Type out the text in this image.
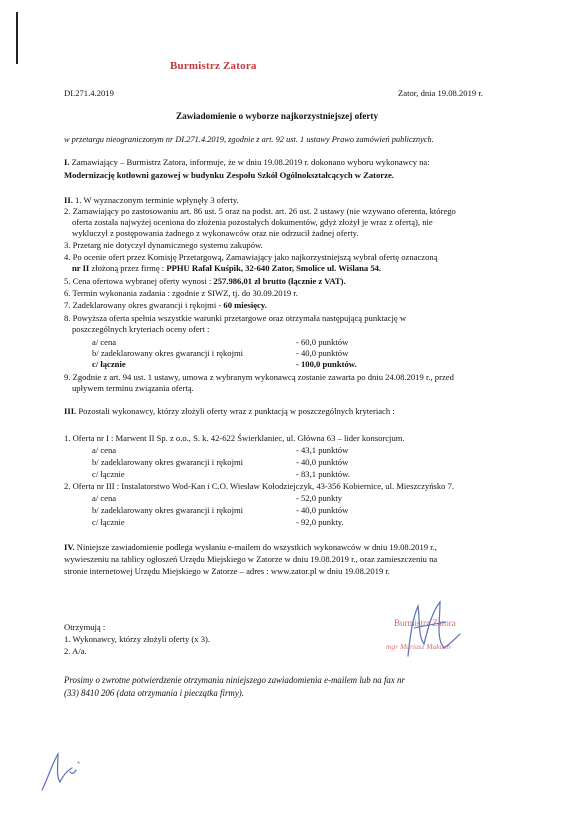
Burmistrz Zatora
DI.271.4.2019	Zator, dnia 19.08.2019 r.
Zawiadomienie o wyborze najkorzystniejszej oferty
w przetargu nieograniczonym nr DI.271.4.2019, zgodnie z art. 92 ust. 1 ustawy Prawo zamówień publicznych.
I. Zamawiający – Burmistrz Zatora, informuje, że w dniu 19.08.2019 r. dokonano wyboru wykonawcy na:
Modernizację kotłowni gazowej w budynku Zespołu Szkół Ogólnokształcących w Zatorze.
II. 1. W wyznaczonym terminie wpłynęły 3 oferty.
2. Zamawiający po zastosowaniu art. 86 ust. 5 oraz na podst. art. 26 ust. 2 ustawy (nie wzywano oferenta, którego
oferta została najwyżej oceniona do złożenia pozostałych dokumentów, gdyż złożył je wraz z ofertą), nie
wykluczył z postępowania żadnego z wykonawców oraz nie odrzucił żadnej oferty.
3. Przetarg nie dotyczył dynamicznego systemu zakupów.
4. Po ocenie ofert przez Komisję Przetargową, Zamawiający jako najkorzystniejszą wybrał ofertę oznaczoną
nr II złożoną przez firmę : PPHU Rafał Kuśpik, 32-640 Zator, Smolice ul. Wiślana 54.
5. Cena ofertowa wybranej oferty wynosi : 257.986,01 zł brutto (łącznie z VAT).
6. Termin wykonania zadania : zgodnie z SIWZ, tj. do 30.09.2019 r.
7. Zadeklarowany okres gwarancji i rękojmi - 60 miesięcy.
8. Powyższa oferta spełnia wszystkie warunki przetargowe oraz otrzymała następującą punktację w
poszczególnych kryteriach oceny ofert :
a/ cena	- 60,0 punktów
b/ zadeklarowany okres gwarancji i rękojmi	- 40,0 punktów
c/ łącznie	- 100,0 punktów.
9. Zgodnie z art. 94 ust. 1 ustawy, umowa z wybranym wykonawcą zostanie zawarta po dniu 24.08.2019 r., przed
upływem terminu związania ofertą.
III. Pozostali wykonawcy, którzy złożyli oferty wraz z punktacją w poszczególnych kryteriach :
1. Oferta nr I : Marwent II Sp. z o.o., S. k. 42-622 Świerklaniec, ul. Główna 63 – lider konsorcjum.
a/ cena	- 43,1 punktów
b/ zadeklarowany okres gwarancji i rękojmi	- 40,0 punktów
c/ łącznie	- 83,1 punktów.
2. Oferta nr III : Instalatorstwo Wod-Kan i C.O. Wiesław Kołodziejczyk, 43-356 Kobiernice, ul. Mieszczyńsko 7.
a/ cena	- 52,0 punkty
b/ zadeklarowany okres gwarancji i rękojmi	- 40,0 punktów
c/ łącznie	- 92,0 punkty.
IV. Niniejsze zawiadomienie podlega wysłaniu e-mailem do wszystkich wykonawców w dniu 19.08.2019 r.,
wywieszeniu na tablicy ogłoszeń Urzędu Miejskiego w Zatorze w dniu 19.08.2019 r., oraz zamieszczeniu na
stronie internetowej Urzędu Miejskiego w Zatorze – adres : www.zator.pl w dniu 19.08.2019 r.
Burmistrz Zatora
mgr Mariusz Makuch
Otrzymują :
1. Wykonawcy, którzy złożyli oferty (x 3).
2. A/a.
Prosimy o zwrotne potwierdzenie otrzymania niniejszego zawiadomienia e-mailem lub na fax nr
(33) 8410 206 (data otrzymania i pieczątka firmy).
